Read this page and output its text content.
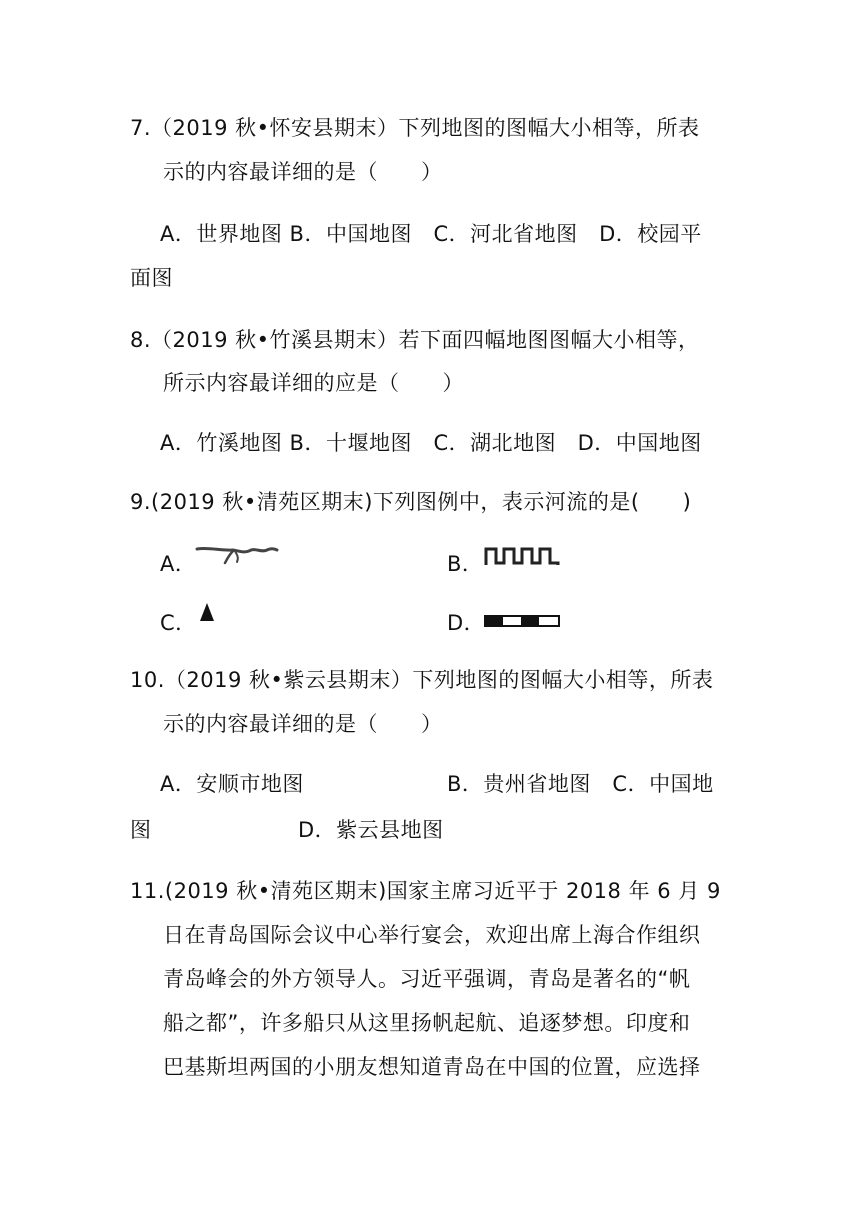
7.（2019 秋•怀安县期末）下列地图的图幅大小相等，所表
示的内容最详细的是（　　）
A．世界地图 B．中国地图　C．河北省地图　D．校园平
面图
8.（2019 秋•竹溪县期末）若下面四幅地图图幅大小相等，
所示内容最详细的应是（　　）
A．竹溪地图 B．十堰地图　C．湖北地图　D．中国地图
9.(2019 秋•清苑区期末)下列图例中，表示河流的是(　　)
A．	B．
C．	D．
10.（2019 秋•紫云县期末）下列地图的图幅大小相等，所表
示的内容最详细的是（　　）
A．安顺市地图	B．贵州省地图　C．中国地
图	D．紫云县地图
11.(2019 秋•清苑区期末)国家主席习近平于 2018 年 6 月 9
日在青岛国际会议中心举行宴会，欢迎出席上海合作组织
青岛峰会的外方领导人。习近平强调，青岛是著名的“帆
船之都”，许多船只从这里扬帆起航、追逐梦想。印度和
巴基斯坦两国的小朋友想知道青岛在中国的位置，应选择
